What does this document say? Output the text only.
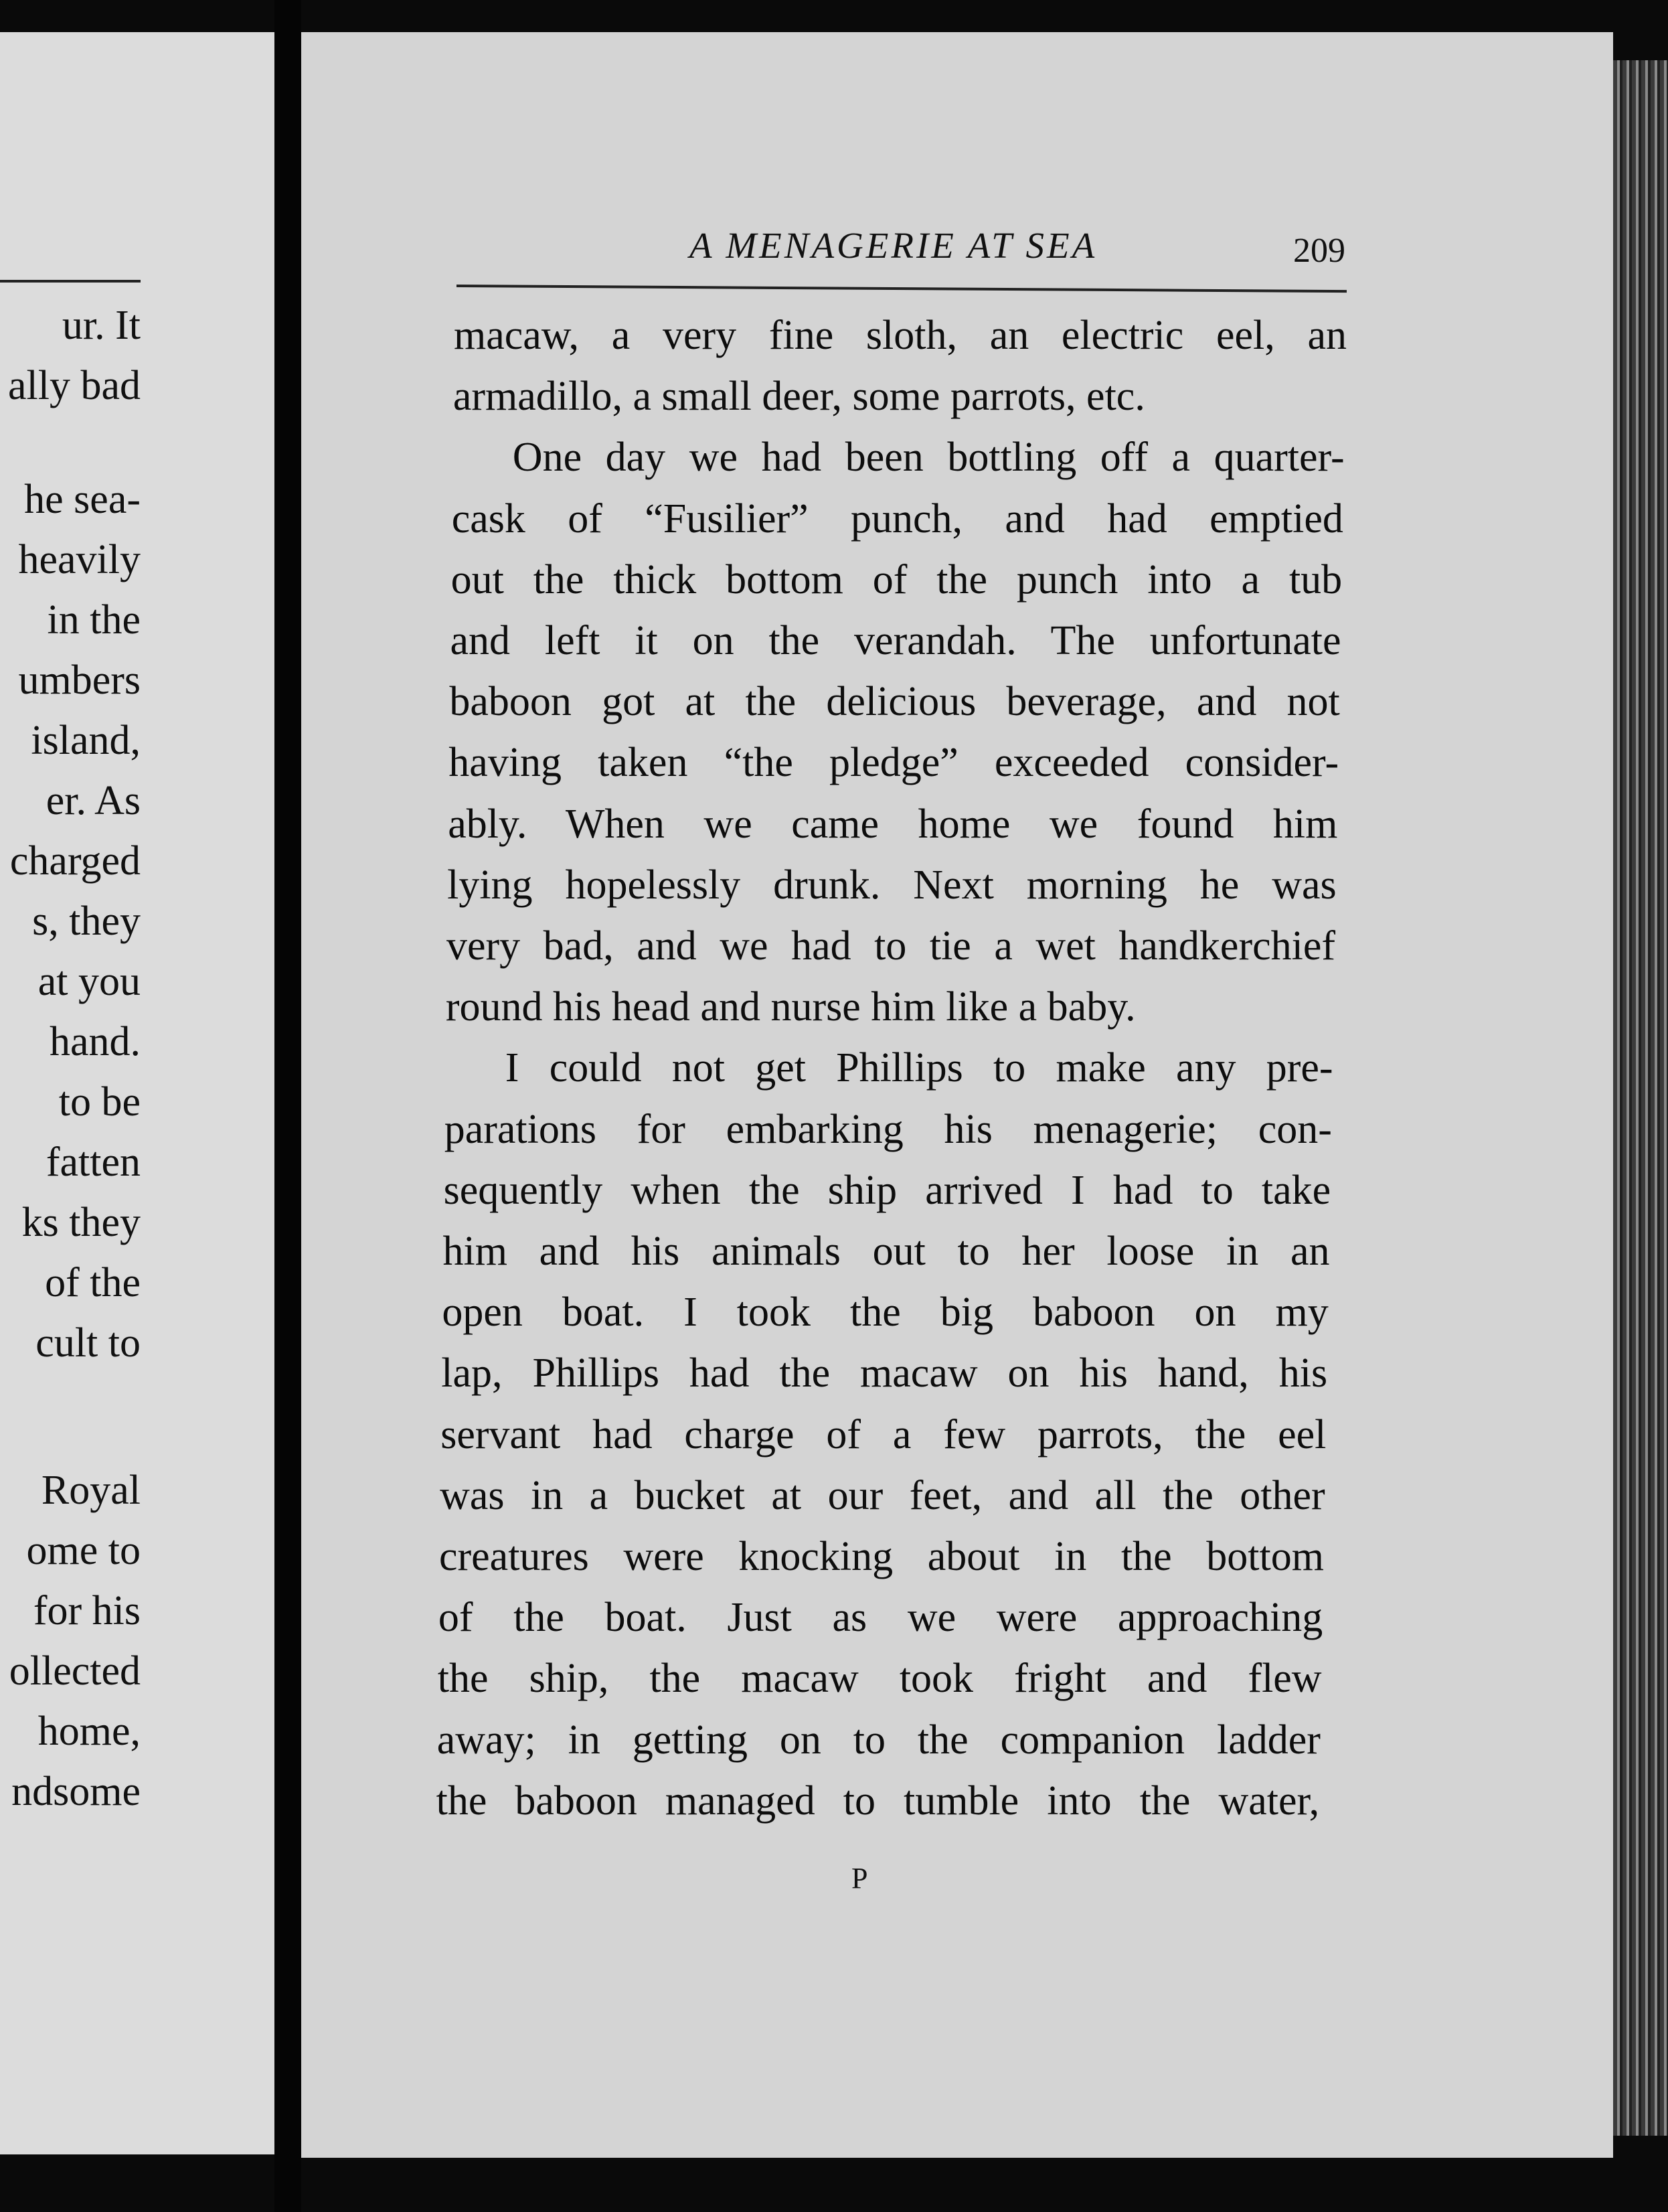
ur. It
ally bad
he sea-
heavily
in the
umbers
island,
er. As
charged
s, they
at you
hand.
to be
fatten
ks they
of the
cult to
Royal
ome to
for his
ollected
home,
ndsome
A MENAGERIE AT SEA	209
macaw, a very fine sloth, an electric eel, an
armadillo, a small deer, some parrots, etc.
One day we had been bottling off a quarter-
cask of “Fusilier” punch, and had emptied
out the thick bottom of the punch into a tub
and left it on the verandah. The unfortunate
baboon got at the delicious beverage, and not
having taken “the pledge” exceeded consider-
ably. When we came home we found him
lying hopelessly drunk. Next morning he was
very bad, and we had to tie a wet handkerchief
round his head and nurse him like a baby.
I could not get Phillips to make any pre-
parations for embarking his menagerie; con-
sequently when the ship arrived I had to take
him and his animals out to her loose in an
open boat. I took the big baboon on my
lap, Phillips had the macaw on his hand, his
servant had charge of a few parrots, the eel
was in a bucket at our feet, and all the other
creatures were knocking about in the bottom
of the boat. Just as we were approaching
the ship, the macaw took fright and flew
away; in getting on to the companion ladder
the baboon managed to tumble into the water,
P
